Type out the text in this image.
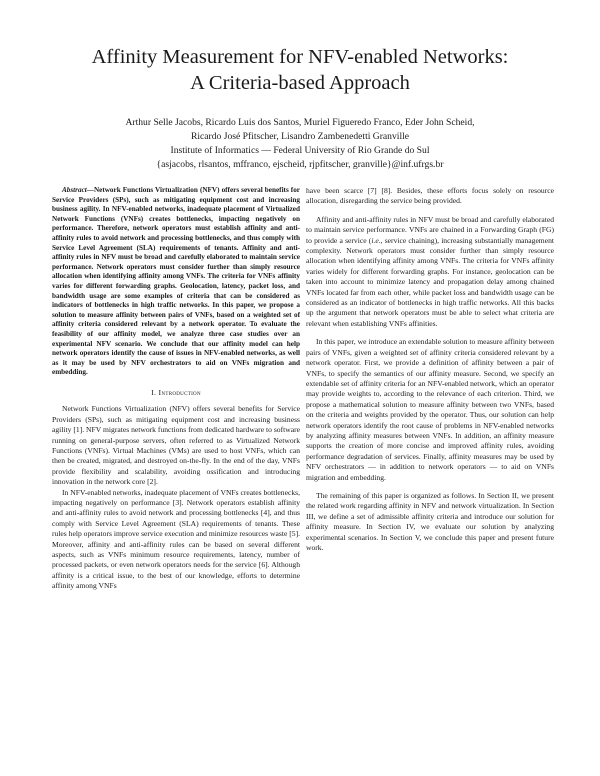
Affinity Measurement for NFV-enabled Networks:
A Criteria-based Approach
Arthur Selle Jacobs, Ricardo Luis dos Santos, Muriel Figueredo Franco, Eder John Scheid,
Ricardo José Pfitscher, Lisandro Zambenedetti Granville
Institute of Informatics — Federal University of Rio Grande do Sul
{asjacobs, rlsantos, mffranco, ejscheid, rjpfitscher, granville}@inf.ufrgs.br

Abstract—Network Functions Virtualization (NFV) offers several benefits for Service Providers (SPs), such as mitigating equipment cost and increasing business agility. In NFV-enabled networks, inadequate placement of Virtualized Network Functions (VNFs) creates bottlenecks, impacting negatively on performance. Therefore, network operators must establish affinity and anti-affinity rules to avoid network and processing bottlenecks, and thus comply with Service Level Agreement (SLA) requirements of tenants. Affinity and anti-affinity rules in NFV must be broad and carefully elaborated to maintain service performance. Network operators must consider further than simply resource allocation when identifying affinity among VNFs. The criteria for VNFs affinity varies for different forwarding graphs. Geolocation, latency, packet loss, and bandwidth usage are some examples of criteria that can be considered as indicators of bottlenecks in high traffic networks. In this paper, we propose a solution to measure affinity between pairs of VNFs, based on a weighted set of affinity criteria considered relevant by a network operator. To evaluate the feasibility of our affinity model, we analyze three case studies over an experimental NFV scenario. We conclude that our affinity model can help network operators identify the cause of issues in NFV-enabled networks, as well as it may be used by NFV orchestrators to aid on VNFs migration and embedding.

I. Introduction

Network Functions Virtualization (NFV) offers several benefits for Service Providers (SPs), such as mitigating equipment cost and increasing business agility [1]. NFV migrates network functions from dedicated hardware to software running on general-purpose servers, often referred to as Virtualized Network Functions (VNFs). Virtual Machines (VMs) are used to host VNFs, which can then be created, migrated, and destroyed on-the-fly. In the end of the day, VNFs provide flexibility and scalability, avoiding ossification and introducing innovation in the network core [2].

In NFV-enabled networks, inadequate placement of VNFs creates bottlenecks, impacting negatively on performance [3]. Network operators establish affinity and anti-affinity rules to avoid network and processing bottlenecks [4], and thus comply with Service Level Agreement (SLA) requirements of tenants. These rules help operators improve service execution and minimize resources waste [5]. Moreover, affinity and anti-affinity rules can be based on several different aspects, such as VNFs minimum resource requirements, latency, number of processed packets, or even network operators needs for the service [6]. Although affinity is a critical issue, to the best of our knowledge, efforts to determine affinity among VNFs

have been scarce [7] [8]. Besides, these efforts focus solely on resource allocation, disregarding the service being provided.

Affinity and anti-affinity rules in NFV must be broad and carefully elaborated to maintain service performance. VNFs are chained in a Forwarding Graph (FG) to provide a service (i.e., service chaining), increasing substantially management complexity. Network operators must consider further than simply resource allocation when identifying affinity among VNFs. The criteria for VNFs affinity varies widely for different forwarding graphs. For instance, geolocation can be taken into account to minimize latency and propagation delay among chained VNFs located far from each other, while packet loss and bandwidth usage can be considered as an indicator of bottlenecks in high traffic networks. All this backs up the argument that network operators must be able to select what criteria are relevant when establishing VNFs affinities.

In this paper, we introduce an extendable solution to measure affinity between pairs of VNFs, given a weighted set of affinity criteria considered relevant by a network operator. First, we provide a definition of affinity between a pair of VNFs, to specify the semantics of our affinity measure. Second, we specify an extendable set of affinity criteria for an NFV-enabled network, which an operator may provide weights to, according to the relevance of each criterion. Third, we propose a mathematical solution to measure affinity between two VNFs, based on the criteria and weights provided by the operator. Thus, our solution can help network operators identify the root cause of problems in NFV-enabled networks by analyzing affinity measures between VNFs. In addition, an affinity measure supports the creation of more concise and improved affinity rules, avoiding performance degradation of services. Finally, affinity measures may be used by NFV orchestrators — in addition to network operators — to aid on VNFs migration and embedding.

The remaining of this paper is organized as follows. In Section II, we present the related work regarding affinity in NFV and network virtualization. In Section III, we define a set of admissible affinity criteria and introduce our solution for affinity measure. In Section IV, we evaluate our solution by analyzing experimental scenarios. In Section V, we conclude this paper and present future work.
